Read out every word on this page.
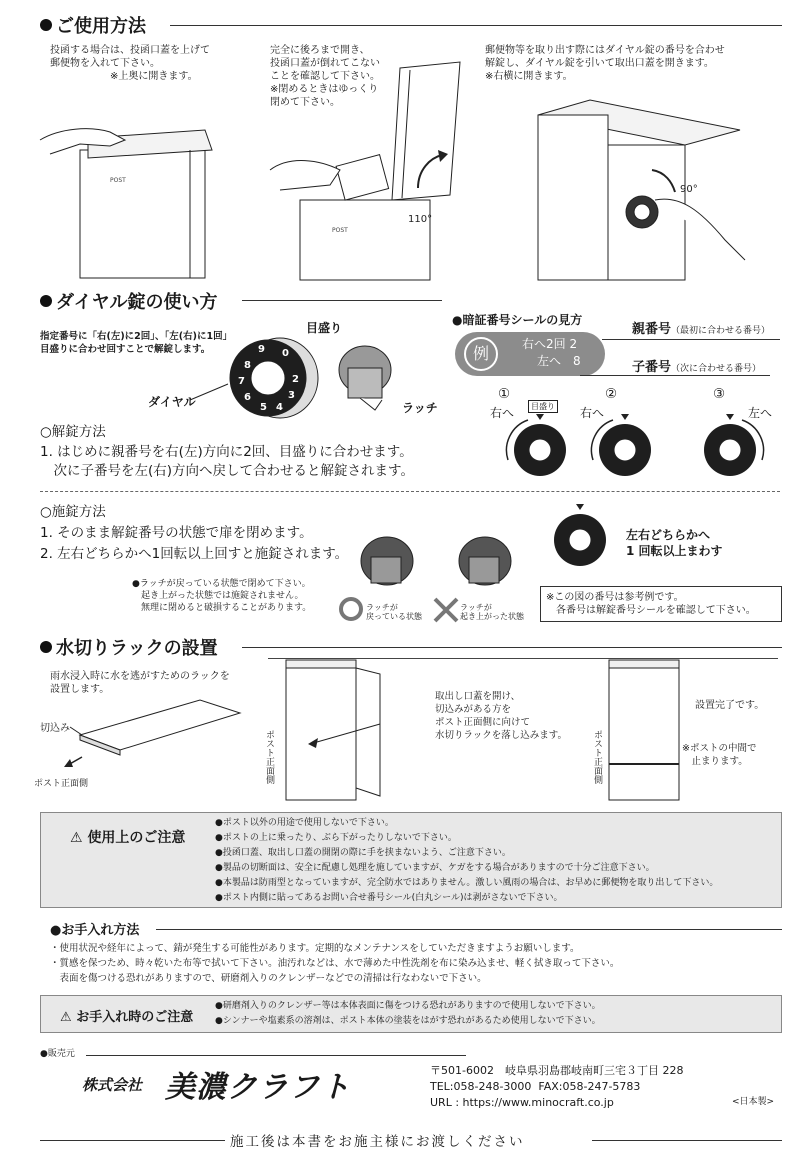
ご使用方法
投函する場合は、投函口蓋を上げて
郵便物を入れて下さい。
　　　　　　※上奥に開きます。
完全に後ろまで開き、
投函口蓋が倒れてこない
ことを確認して下さい。
※閉めるときはゆっくり
閉めて下さい。
郵便物等を取り出す際にはダイヤル錠の番号を合わせ
解錠し、ダイヤル錠を引いて取出口蓋を開きます。
※右横に開きます。
POST
110°
POST
90°
ダイヤル錠の使い方
指定番号に「右(左)に2回」、「左(右)に1回」
目盛りに合わせ回すことで解錠します。
8
7
6
5 4
3
2
0
9
目盛り
ダイヤル	ラッチ
●暗証番号シールの見方
例	右へ2回 2
左へ　8
親番号（最初に合わせる番号）
子番号（次に合わせる番号）
①	②	③
右へ	目盛り 右へ	左へ
○解錠方法
1. はじめに親番号を右(左)方向に2回、目盛りに合わせます。
　次に子番号を左(右)方向へ戻して合わせると解錠されます。
○施錠方法
1. そのまま解錠番号の状態で扉を閉めます。
2. 左右どちらかへ1回転以上回すと施錠されます。
●ラッチが戻っている状態で閉めて下さい。
　起き上がった状態では施錠されません。
　無理に閉めると破損することがあります。	ラッチが
戻っている状態
ラッチが
起き上がった状態
左右どちらかへ
1 回転以上まわす
※この図の番号は参考例です。
　各番号は解錠番号シールを確認して下さい。
水切りラックの設置
雨水浸入時に水を逃がすためのラックを
設置します。
切込み
ポスト正面側	ポスト正面側
取出し口蓋を開け、
切込みがある方を
ポスト正面側に向けて
水切りラックを落し込みます。	ポスト正面側
設置完了です。
※ポストの中間で
　止まります。
⚠ 使用上のご注意
●ポスト以外の用途で使用しないで下さい。
●ポストの上に乗ったり、ぶら下がったりしないで下さい。
●投函口蓋、取出し口蓋の開閉の際に手を挟まないよう、ご注意下さい。
●製品の切断面は、安全に配慮し処理を施していますが、ケガをする場合がありますので十分ご注意下さい。
●本製品は防雨型となっていますが、完全防水ではありません。激しい風雨の場合は、お早めに郵便物を取り出して下さい。
●ポスト内側に貼ってあるお問い合せ番号シール(白丸シール)は剥がさないで下さい。
●お手入れ方法
・使用状況や経年によって、錆が発生する可能性があります。定期的なメンテナンスをしていただきますようお願いします。
・質感を保つため、時々乾いた布等で拭いて下さい。油汚れなどは、水で薄めた中性洗剤を布に染み込ませ、軽く拭き取って下さい。
　表面を傷つける恐れがありますので、研磨剤入りのクレンザーなどでの清掃は行なわないで下さい。
⚠ お手入れ時のご注意
●研磨剤入りのクレンザー等は本体表面に傷をつける恐れがありますので使用しないで下さい。
●シンナーや塩素系の溶剤は、ポスト本体の塗装をはがす恐れがあるため使用しないで下さい。
●販売元
株式会社 美濃クラフト	〒501-6002　岐阜県羽島郡岐南町三宅３丁目 228
TEL:058-248-3000  FAX:058-247-5783
URL : https://www.minocraft.co.jp	<日本製>
施工後は本書をお施主様にお渡しください
